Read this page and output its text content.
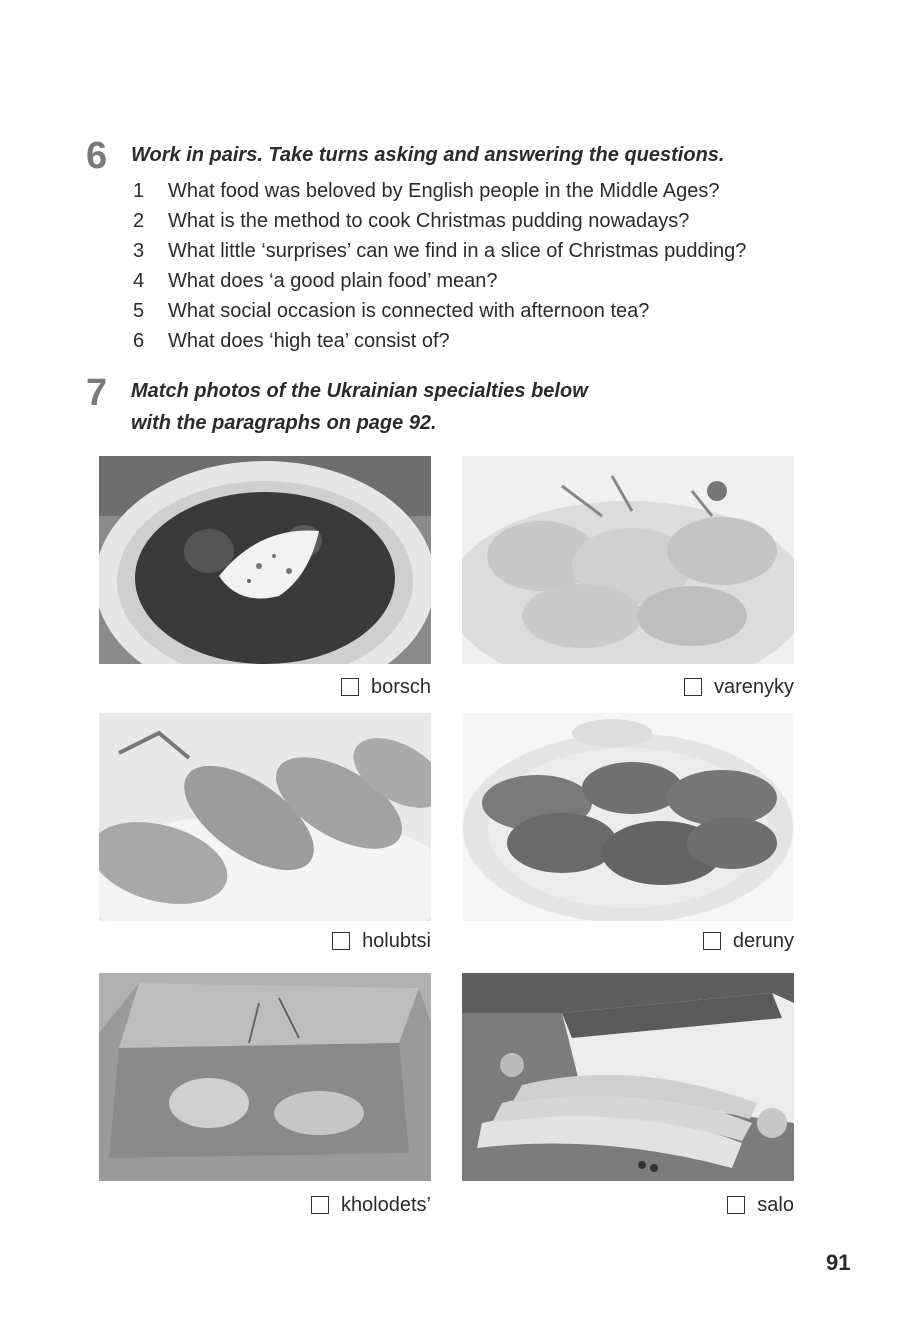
6 Work in pairs. Take turns asking and answering the questions.
1 What food was beloved by English people in the Middle Ages?
2 What is the method to cook Christmas pudding nowadays?
3 What little ‘surprises’ can we find in a slice of Christmas pudding?
4 What does ‘a good plain food’ mean?
5 What social occasion is connected with afternoon tea?
6 What does ‘high tea’ consist of?
7 Match photos of the Ukrainian specialties below
with the paragraphs on page 92.
borsch	varenyky
holubtsi	deruny
kholodets’	salo
91
